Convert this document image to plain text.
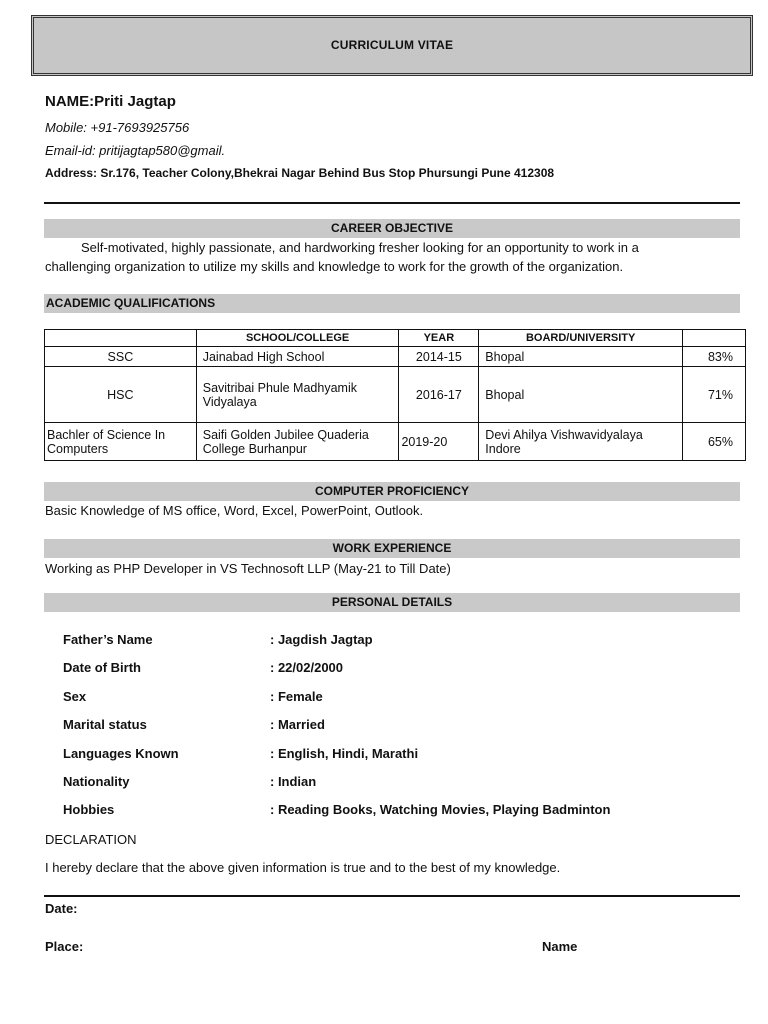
CURRICULUM VITAE
NAME:Priti Jagtap
Mobile: +91-7693925756
Email-id: pritijagtap580@gmail.
Address: Sr.176, Teacher Colony,Bhekrai Nagar Behind Bus Stop Phursungi Pune 412308
CAREER OBJECTIVE
Self-motivated, highly passionate, and hardworking fresher looking for an opportunity to work in a
challenging organization to utilize my skills and knowledge to work for the growth of the organization.
ACADEMIC QUALIFICATIONS
	SCHOOL/COLLEGE	YEAR	BOARD/UNIVERSITY	
SSC	Jainabad High School	2014-15	Bhopal	83%
HSC	Savitribai Phule Madhyamik Vidyalaya	2016-17	Bhopal	71%
Bachler of Science In Computers	Saifi Golden Jubilee Quaderia College Burhanpur	2019-20	Devi Ahilya Vishwavidyalaya Indore	65%
COMPUTER PROFICIENCY
Basic Knowledge of MS office, Word, Excel, PowerPoint, Outlook.
WORK EXPERIENCE
Working as PHP Developer in VS Technosoft LLP (May-21 to Till Date)
PERSONAL DETAILS
Father’s Name	: Jagdish Jagtap
Date of Birth	: 22/02/2000
Sex	: Female
Marital status	: Married
Languages Known	: English, Hindi, Marathi
Nationality	: Indian
Hobbies	: Reading Books, Watching Movies, Playing Badminton
DECLARATION
I hereby declare that the above given information is true and to the best of my knowledge.
Date:
Place:	Name
